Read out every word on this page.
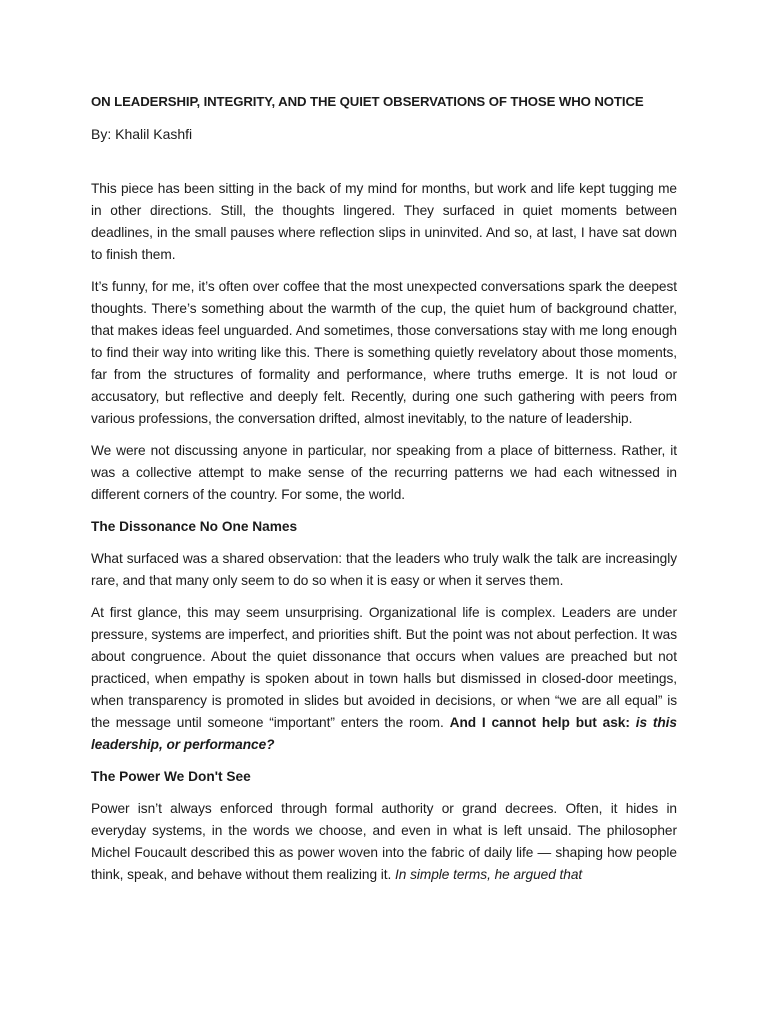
ON LEADERSHIP, INTEGRITY, AND THE QUIET OBSERVATIONS OF THOSE WHO NOTICE
By: Khalil Kashfi

This piece has been sitting in the back of my mind for months, but work and life kept tugging me in other directions. Still, the thoughts lingered. They surfaced in quiet moments between deadlines, in the small pauses where reflection slips in uninvited. And so, at last, I have sat down to finish them.

It’s funny, for me, it’s often over coffee that the most unexpected conversations spark the deepest thoughts. There’s something about the warmth of the cup, the quiet hum of background chatter, that makes ideas feel unguarded. And sometimes, those conversations stay with me long enough to find their way into writing like this. There is something quietly revelatory about those moments, far from the structures of formality and performance, where truths emerge. It is not loud or accusatory, but reflective and deeply felt. Recently, during one such gathering with peers from various professions, the conversation drifted, almost inevitably, to the nature of leadership.

We were not discussing anyone in particular, nor speaking from a place of bitterness. Rather, it was a collective attempt to make sense of the recurring patterns we had each witnessed in different corners of the country. For some, the world.

The Dissonance No One Names

What surfaced was a shared observation: that the leaders who truly walk the talk are increasingly rare, and that many only seem to do so when it is easy or when it serves them.

At first glance, this may seem unsurprising. Organizational life is complex. Leaders are under pressure, systems are imperfect, and priorities shift. But the point was not about perfection. It was about congruence. About the quiet dissonance that occurs when values are preached but not practiced, when empathy is spoken about in town halls but dismissed in closed-door meetings, when transparency is promoted in slides but avoided in decisions, or when “we are all equal” is the message until someone “important” enters the room. And I cannot help but ask: is this leadership, or performance?

The Power We Don't See

Power isn’t always enforced through formal authority or grand decrees. Often, it hides in everyday systems, in the words we choose, and even in what is left unsaid. The philosopher Michel Foucault described this as power woven into the fabric of daily life — shaping how people think, speak, and behave without them realizing it. In simple terms, he argued that
